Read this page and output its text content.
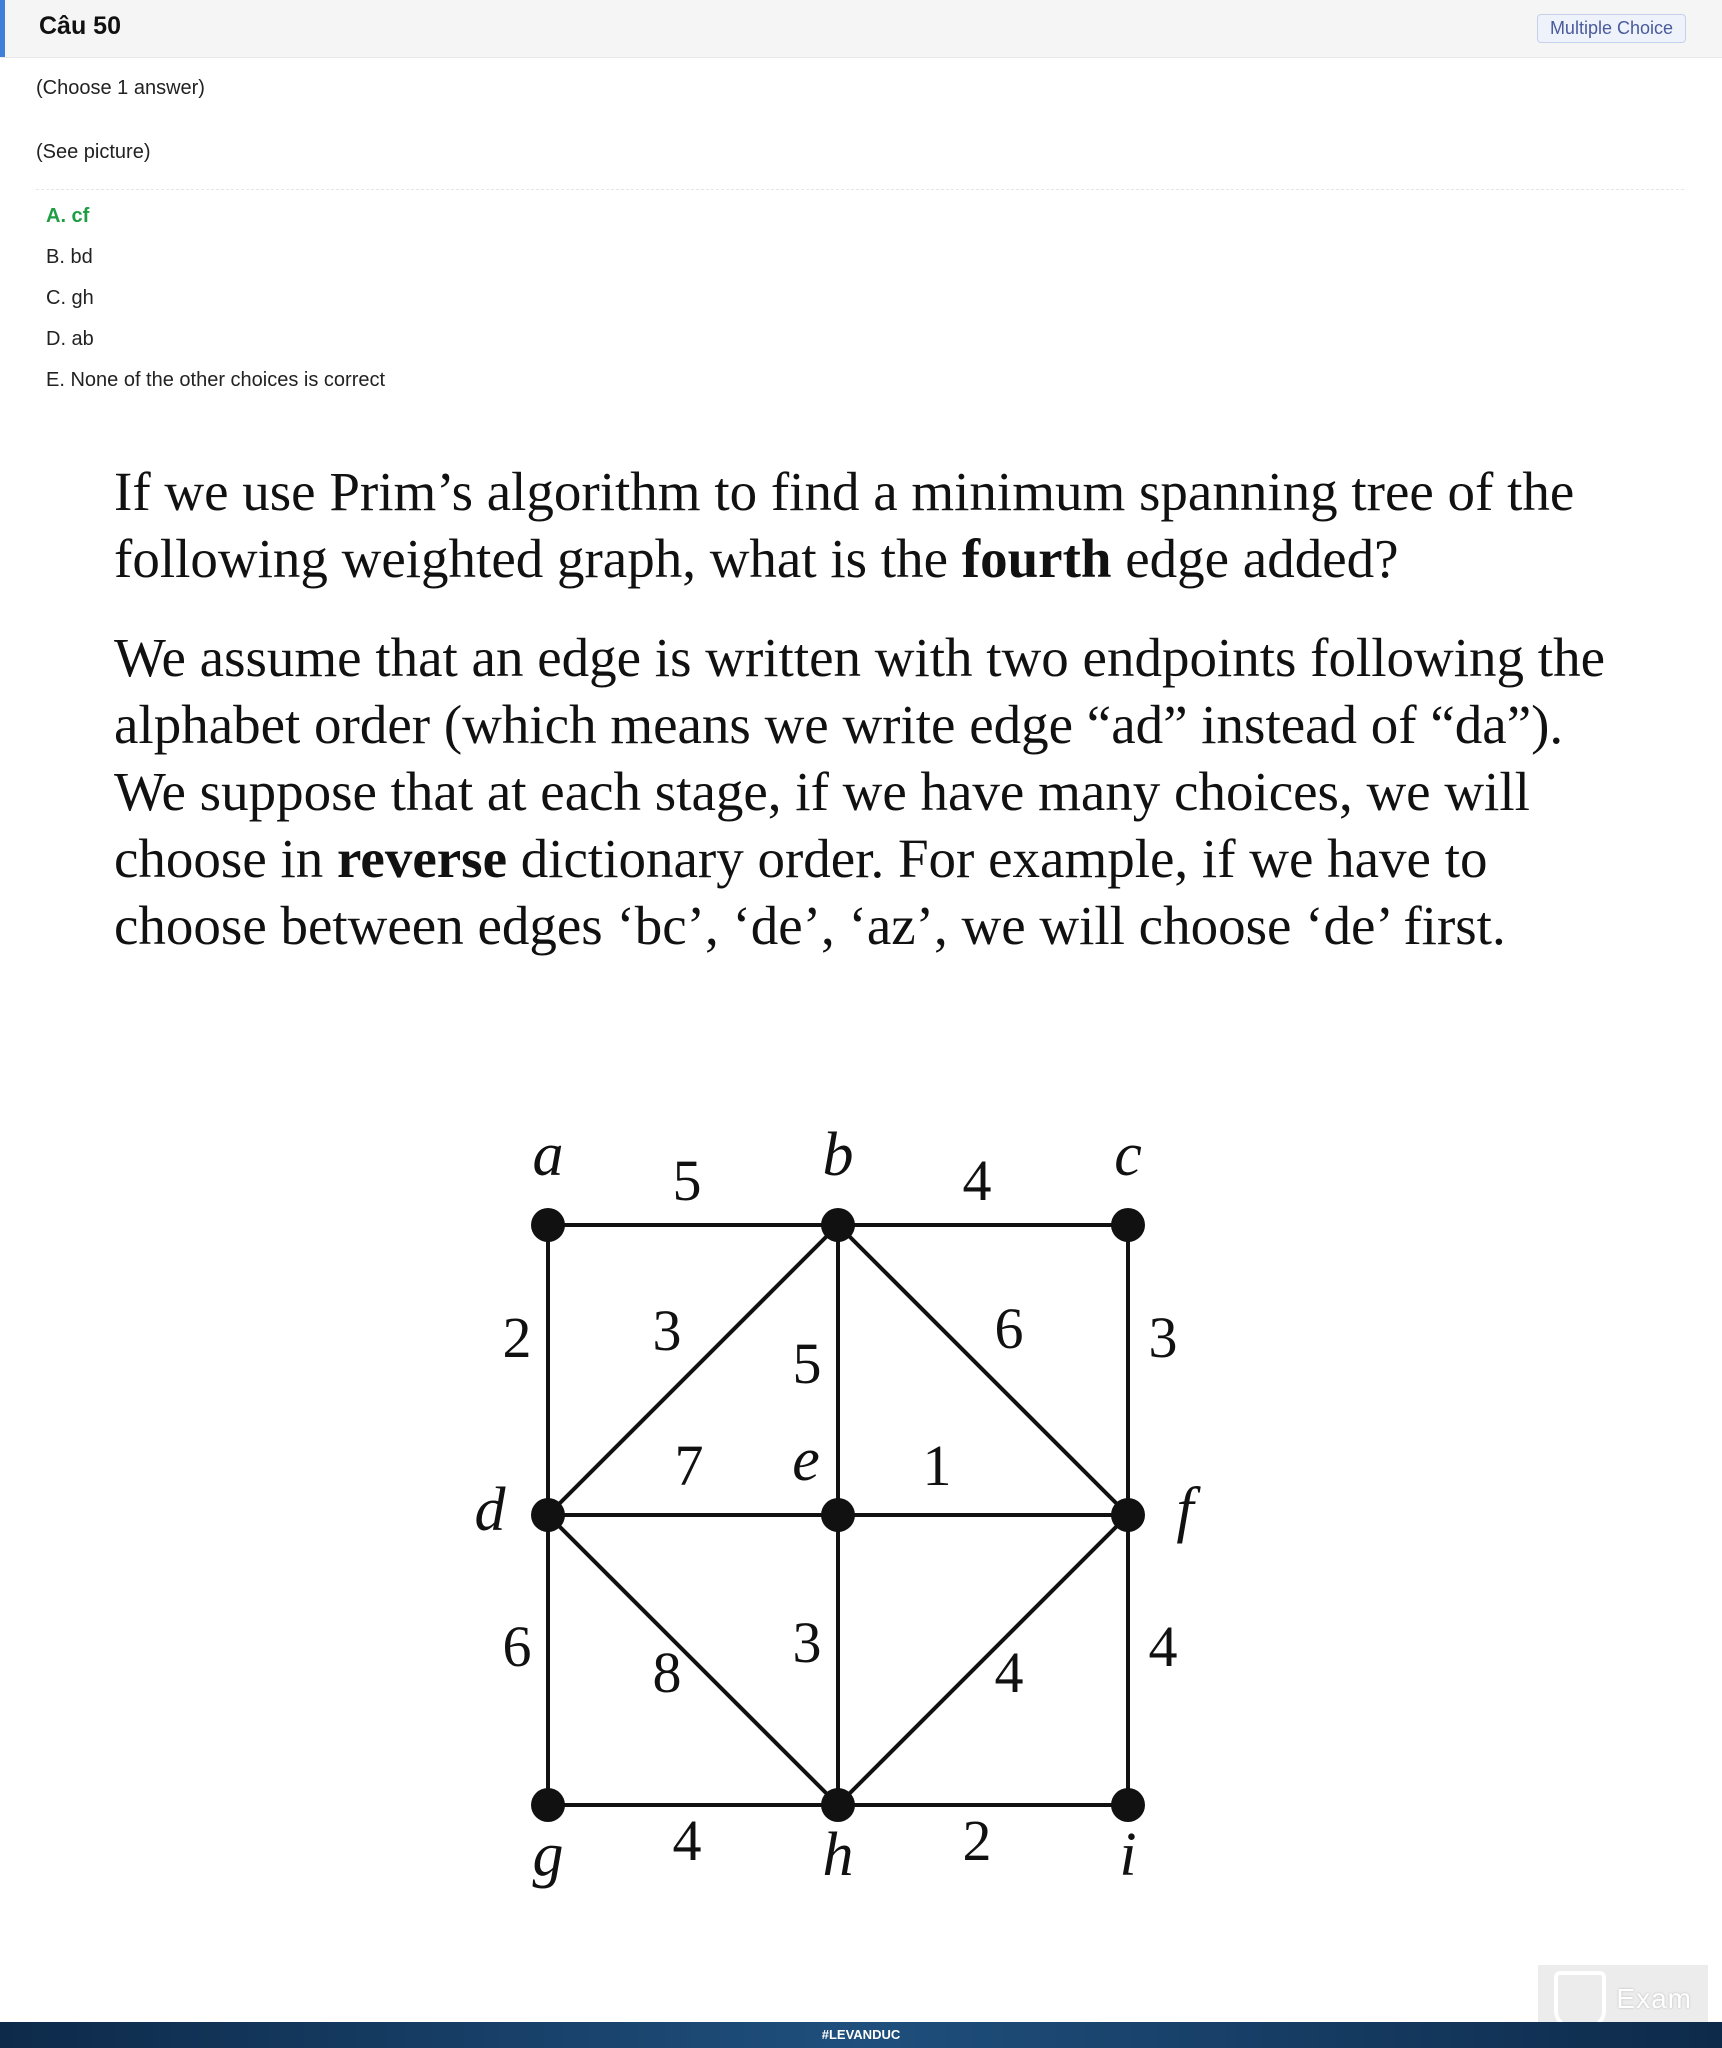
Câu 50	Multiple Choice
(Choose 1 answer)
(See picture)
A. cf
B. bd
C. gh
D. ab
E. None of the other choices is correct
If we use Prim’s algorithm to find a minimum spanning tree of the following weighted graph, what is the fourth edge added?
We assume that an edge is written with two endpoints following the alphabet order (which means we write edge “ad” instead of “da”). We suppose that at each stage, if we have many choices, we will choose in reverse dictionary order. For example, if we have to choose between edges ‘bc’, ‘de’, ‘az’, we will choose ‘de’ first.
5	4
2 3
5
6 3
7	1
6 8 3	4 4
4	2
a	b	c
d
e
f
g	h	i
Exam
#LEVANDUC
